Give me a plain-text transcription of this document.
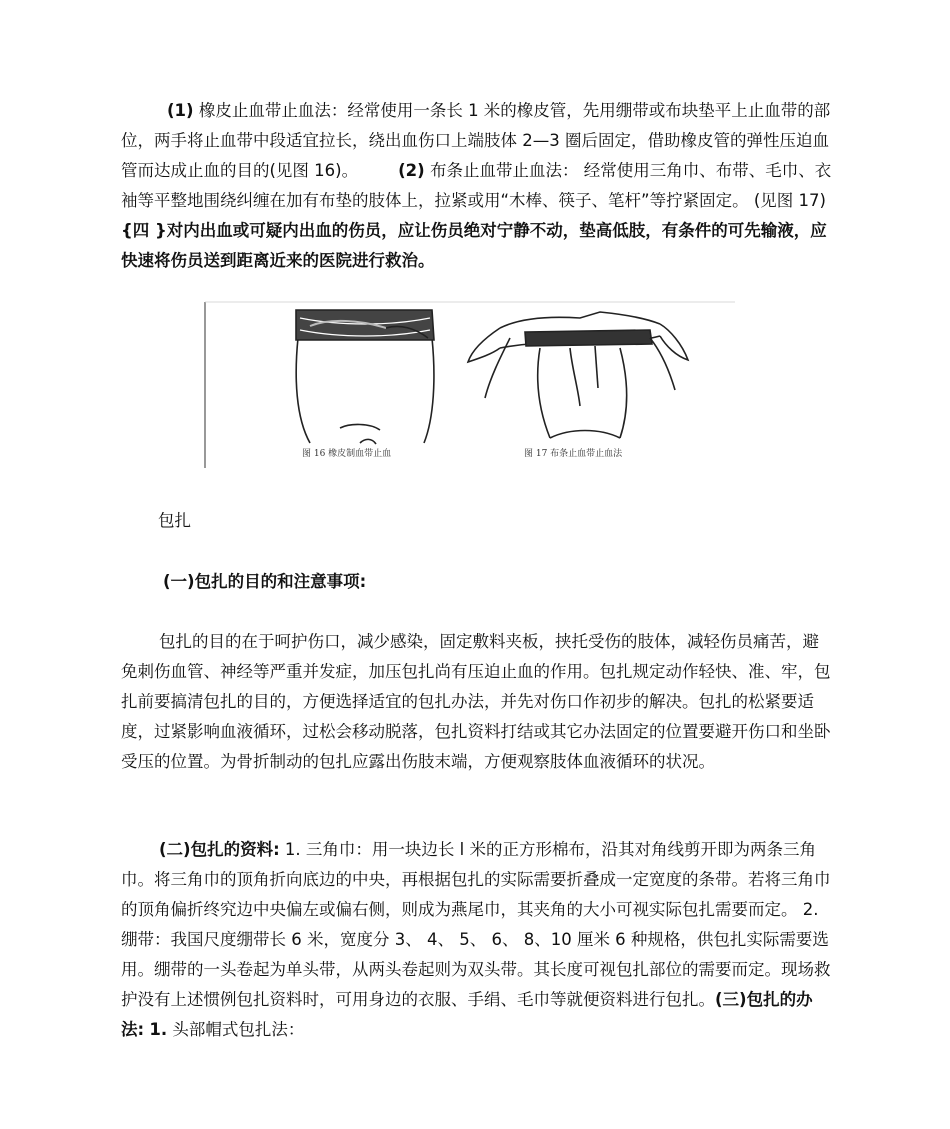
(1) 橡皮止血带止血法：经常使用一条长 1 米的橡皮管，先用绷带或布块垫平上止血带的部位，两手将止血带中段适宜拉长，绕出血伤口上端肢体 2—3 圈后固定，借助橡皮管的弹性压迫血管而达成止血的目的(见图 16)。 (2) 布条止血带止血法： 经常使用三角巾、布带、毛巾、衣袖等平整地围绕纠缠在加有布垫的肢体上，拉紧或用“木棒、筷子、笔杆”等拧紧固定。 (见图 17){四 }对内出血或可疑内出血的伤员，应让伤员绝对宁静不动，垫高低肢，有条件的可先输液，应快速将伤员送到距离近来的医院进行救治。

图 16 橡皮制血带止血	图 17 布条止血带止血法
包扎
(一)包扎的目的和注意事项:

包扎的目的在于呵护伤口，减少感染，固定敷料夹板，挟托受伤的肢体，减轻伤员痛苦，避免刺伤血管、神经等严重并发症，加压包扎尚有压迫止血的作用。包扎规定动作轻快、准、牢，包扎前要搞清包扎的目的，方便选择适宜的包扎办法，并先对伤口作初步的解决。包扎的松紧要适度，过紧影响血液循环，过松会移动脱落，包扎资料打结或其它办法固定的位置要避开伤口和坐卧受压的位置。为骨折制动的包扎应露出伤肢末端，方便观察肢体血液循环的状况。

(二)包扎的资料: 1. 三角巾：用一块边长 l 米的正方形棉布，沿其对角线剪开即为两条三角巾。将三角巾的顶角折向底边的中央，再根据包扎的实际需要折叠成一定宽度的条带。若将三角巾的顶角偏折终究边中央偏左或偏右侧，则成为燕尾巾，其夹角的大小可视实际包扎需要而定。 2. 绷带：我国尺度绷带长 6 米，宽度分 3、 4、 5、 6、 8、10 厘米 6 种规格，供包扎实际需要选用。绷带的一头卷起为单头带，从两头卷起则为双头带。其长度可视包扎部位的需要而定。现场救护没有上述惯例包扎资料时，可用身边的衣服、手绢、毛巾等就便资料进行包扎。(三)包扎的办法: 1. 头部帽式包扎法：
